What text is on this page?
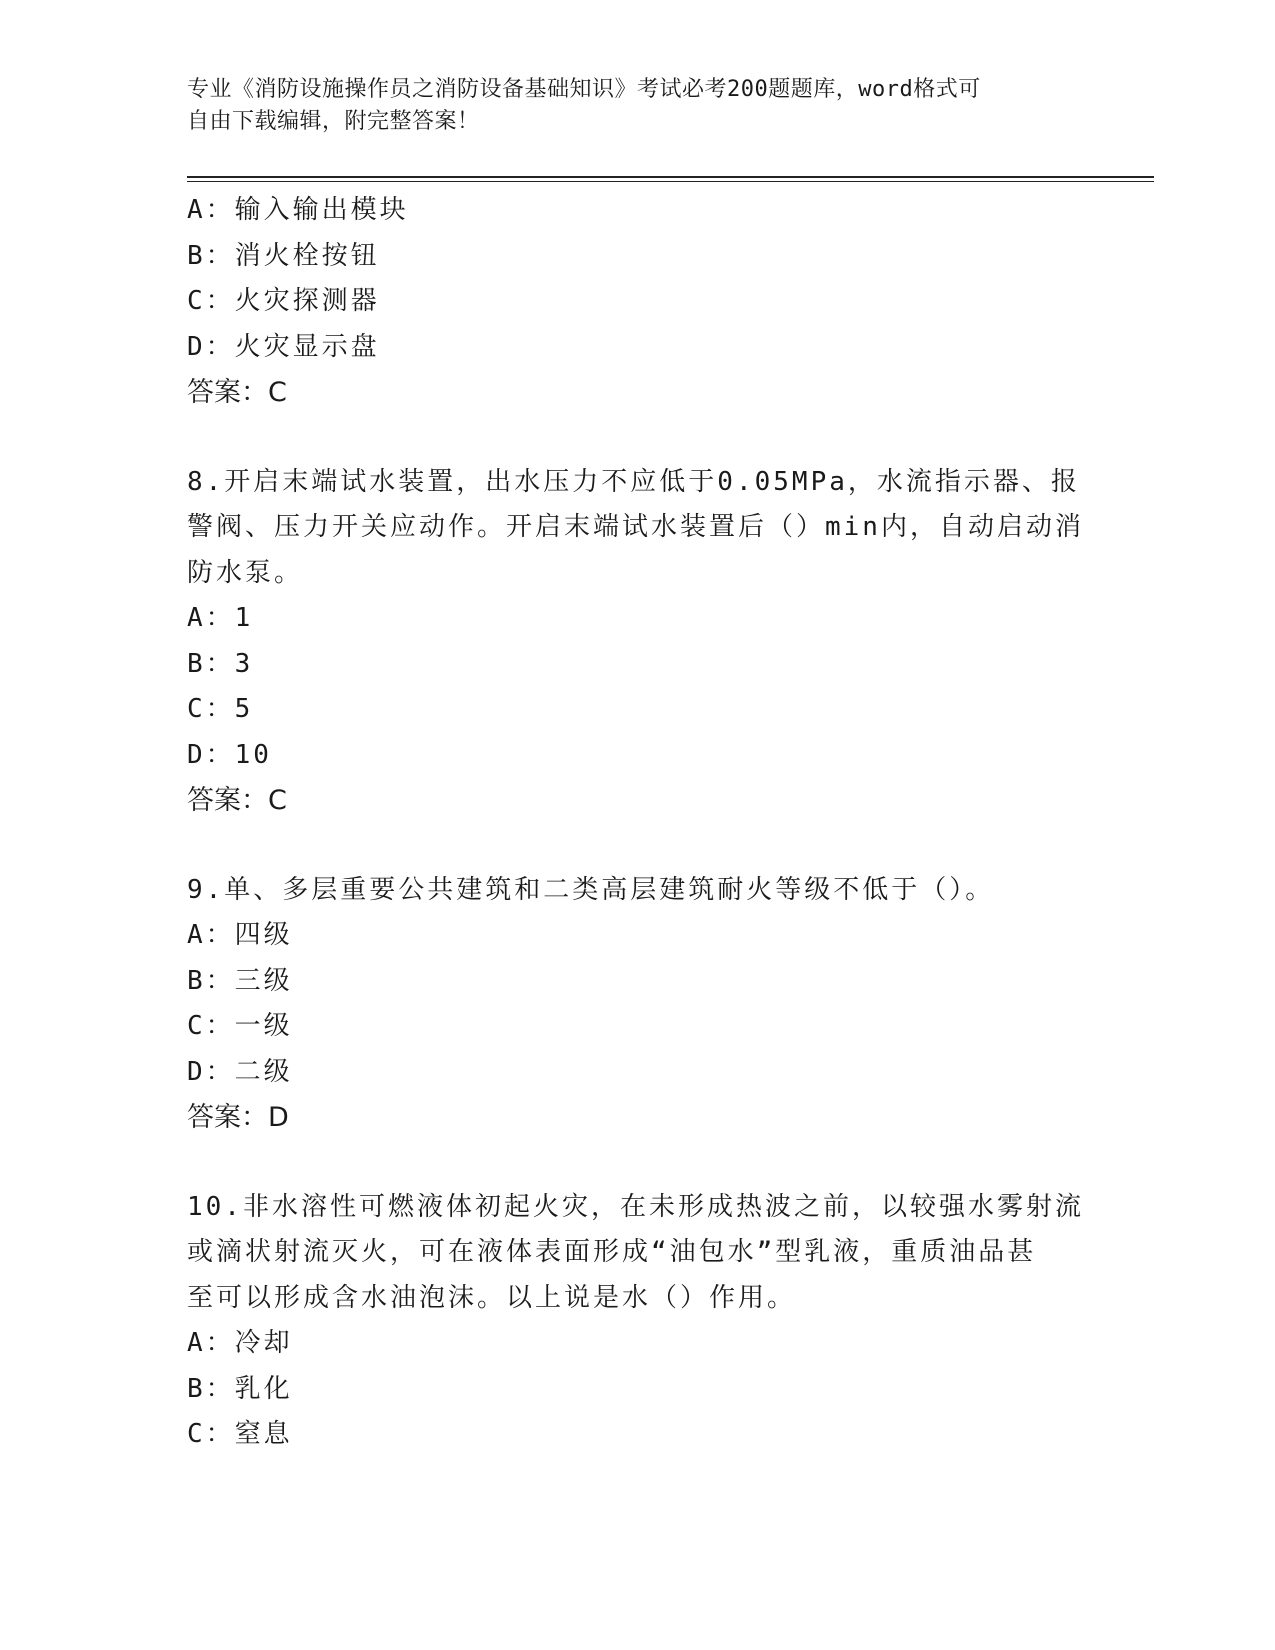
专业《消防设施操作员之消防设备基础知识》考试必考200题题库，word格式可
自由下载编辑，附完整答案！

A：输入输出模块

B：消火栓按钮

C：火灾探测器

D：火灾显示盘

答案：C

8.开启末端试水装置，出水压力不应低于0.05MPa，水流指示器、报

警阀、压力开关应动作。开启末端试水装置后（）min内，自动启动消

防水泵。

A：1

B：3

C：5

D：10

答案：C

9.单、多层重要公共建筑和二类高层建筑耐火等级不低于（）。

A：四级

B：三级

C：一级

D：二级

答案：D

10.非水溶性可燃液体初起火灾，在未形成热波之前，以较强水雾射流

或滴状射流灭火，可在液体表面形成“油包水”型乳液，重质油品甚

至可以形成含水油泡沫。以上说是水（）作用。

A：冷却

B：乳化

C：窒息
